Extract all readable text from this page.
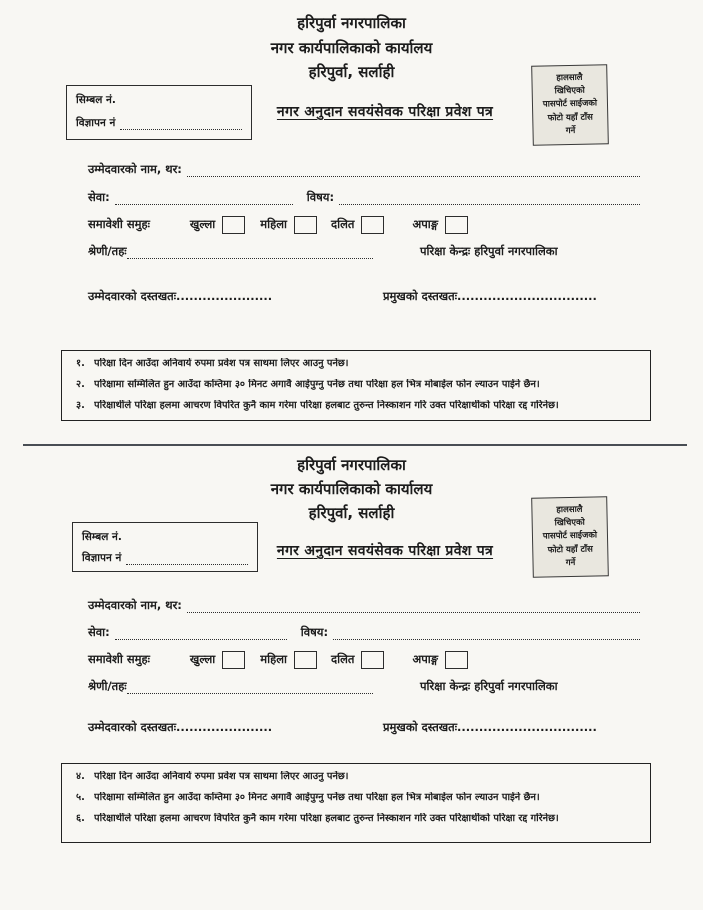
हरिपुर्वा नगरपालिका
नगर कार्यपालिकाको कार्यालय
हरिपुर्वा, सर्लाही
सिम्बल नं.
विज्ञापन नं
नगर अनुदान सवयंसेवक परिक्षा प्रवेश पत्र
हालसालै
खिचिएको
पासपोर्ट साईजको
फोटो यहाँ टाँस
गर्ने
उम्मेदवारको नाम, थर:
सेवा:	विषय:
समावेशी समुहः	खुल्ला	महिला	दलित	अपाङ्ग
श्रेणी/तहः	परिक्षा केन्द्रः हरिपुर्वा नगरपालिका
उम्मेदवारको दस्तखतः......................	प्रमुखको दस्तखतः................................
१. परिक्षा दिन आउँदा अनिवार्य रुपमा प्रवेश पत्र साथमा लिएर आउनु पर्नेछ।
२. परिक्षामा सम्मिलित हुन आउँदा कम्तिमा ३० मिनट अगावै आईपुग्नु पर्नेछ तथा परिक्षा हल भित्र मोबाईल फोन ल्याउन पाईने छैन।
३. परिक्षार्थीले परिक्षा हलमा आचरण विपरित कुनै काम गरेमा परिक्षा हलबाट तुरुन्त निस्काशन गरि उक्त परिक्षार्थीको परिक्षा रद्द गरिनेछ।
हरिपुर्वा नगरपालिका
नगर कार्यपालिकाको कार्यालय
हरिपुर्वा, सर्लाही
सिम्बल नं.
विज्ञापन नं	नगर अनुदान सवयंसेवक परिक्षा प्रवेश पत्र
हालसालै
खिचिएको
पासपोर्ट साईजको
फोटो यहाँ टाँस
गर्ने
उम्मेदवारको नाम, थर:
सेवा:	विषय:
समावेशी समुहः	खुल्ला	महिला	दलित	अपाङ्ग
श्रेणी/तहः	परिक्षा केन्द्रः हरिपुर्वा नगरपालिका
उम्मेदवारको दस्तखतः......................	प्रमुखको दस्तखतः................................
४. परिक्षा दिन आउँदा अनिवार्य रुपमा प्रवेश पत्र साथमा लिएर आउनु पर्नेछ।
५. परिक्षामा सम्मिलित हुन आउँदा कम्तिमा ३० मिनट अगावै आईपुग्नु पर्नेछ तथा परिक्षा हल भित्र मोबाईल फोन ल्याउन पाईने छैन।
६. परिक्षार्थीले परिक्षा हलमा आचरण विपरित कुनै काम गरेमा परिक्षा हलबाट तुरुन्त निस्काशन गरि उक्त परिक्षार्थीको परिक्षा रद्द गरिनेछ।
